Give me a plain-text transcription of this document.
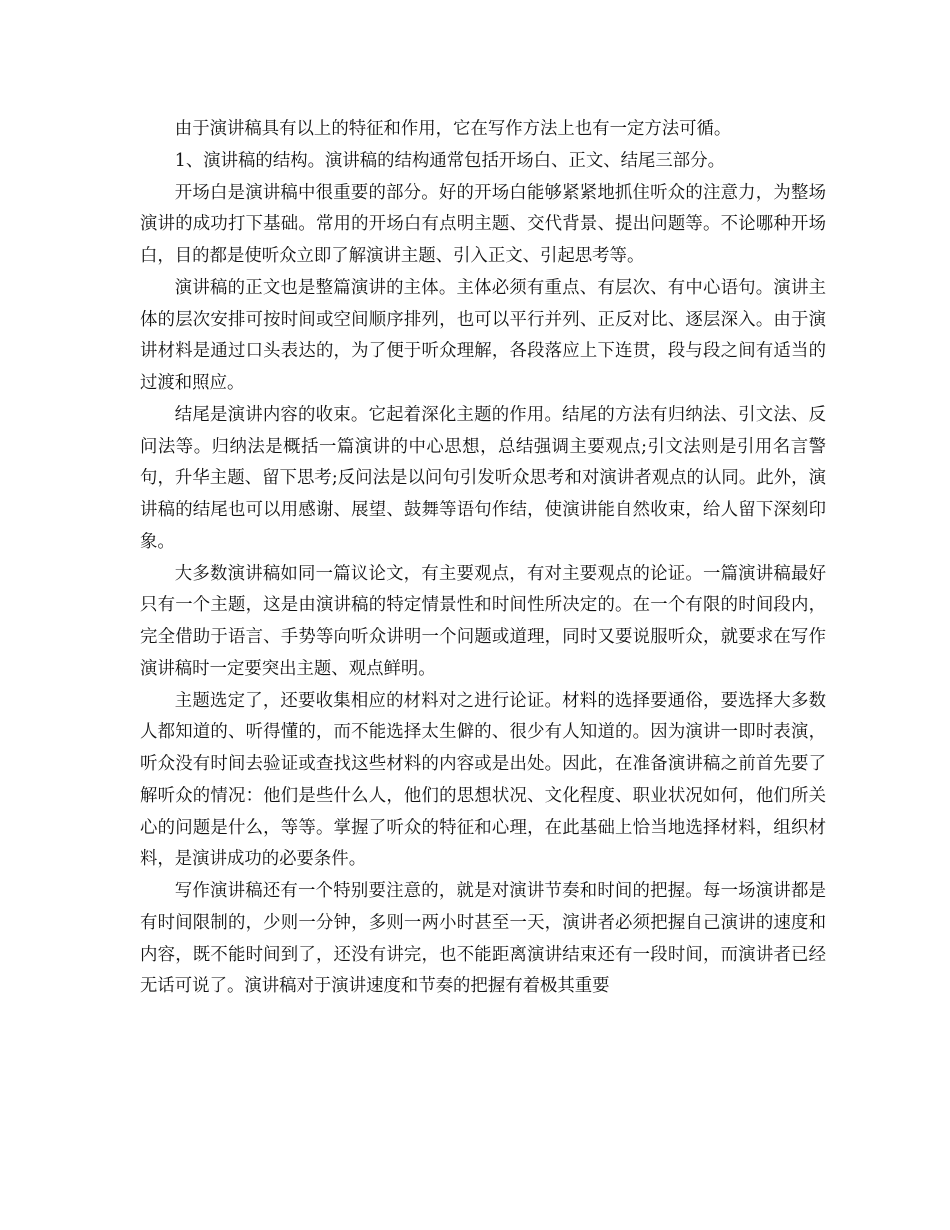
由于演讲稿具有以上的特征和作用，它在写作方法上也有一定方法可循。

1、演讲稿的结构。演讲稿的结构通常包括开场白、正文、结尾三部分。

开场白是演讲稿中很重要的部分。好的开场白能够紧紧地抓住听众的注意力，为整场演讲的成功打下基础。常用的开场白有点明主题、交代背景、提出问题等。不论哪种开场白，目的都是使听众立即了解演讲主题、引入正文、引起思考等。

演讲稿的正文也是整篇演讲的主体。主体必须有重点、有层次、有中心语句。演讲主体的层次安排可按时间或空间顺序排列，也可以平行并列、正反对比、逐层深入。由于演讲材料是通过口头表达的，为了便于听众理解，各段落应上下连贯，段与段之间有适当的过渡和照应。

结尾是演讲内容的收束。它起着深化主题的作用。结尾的方法有归纳法、引文法、反问法等。归纳法是概括一篇演讲的中心思想，总结强调主要观点;引文法则是引用名言警句，升华主题、留下思考;反问法是以问句引发听众思考和对演讲者观点的认同。此外，演讲稿的结尾也可以用感谢、展望、鼓舞等语句作结，使演讲能自然收束，给人留下深刻印象。

大多数演讲稿如同一篇议论文，有主要观点，有对主要观点的论证。一篇演讲稿最好只有一个主题，这是由演讲稿的特定情景性和时间性所决定的。在一个有限的时间段内，完全借助于语言、手势等向听众讲明一个问题或道理，同时又要说服听众，就要求在写作演讲稿时一定要突出主题、观点鲜明。

主题选定了，还要收集相应的材料对之进行论证。材料的选择要通俗，要选择大多数人都知道的、听得懂的，而不能选择太生僻的、很少有人知道的。因为演讲一即时表演，听众没有时间去验证或查找这些材料的内容或是出处。因此，在准备演讲稿之前首先要了解听众的情况：他们是些什么人，他们的思想状况、文化程度、职业状况如何，他们所关心的问题是什么，等等。掌握了听众的特征和心理，在此基础上恰当地选择材料，组织材料，是演讲成功的必要条件。

写作演讲稿还有一个特别要注意的，就是对演讲节奏和时间的把握。每一场演讲都是有时间限制的，少则一分钟，多则一两小时甚至一天，演讲者必须把握自己演讲的速度和内容，既不能时间到了，还没有讲完，也不能距离演讲结束还有一段时间，而演讲者已经无话可说了。演讲稿对于演讲速度和节奏的把握有着极其重要
